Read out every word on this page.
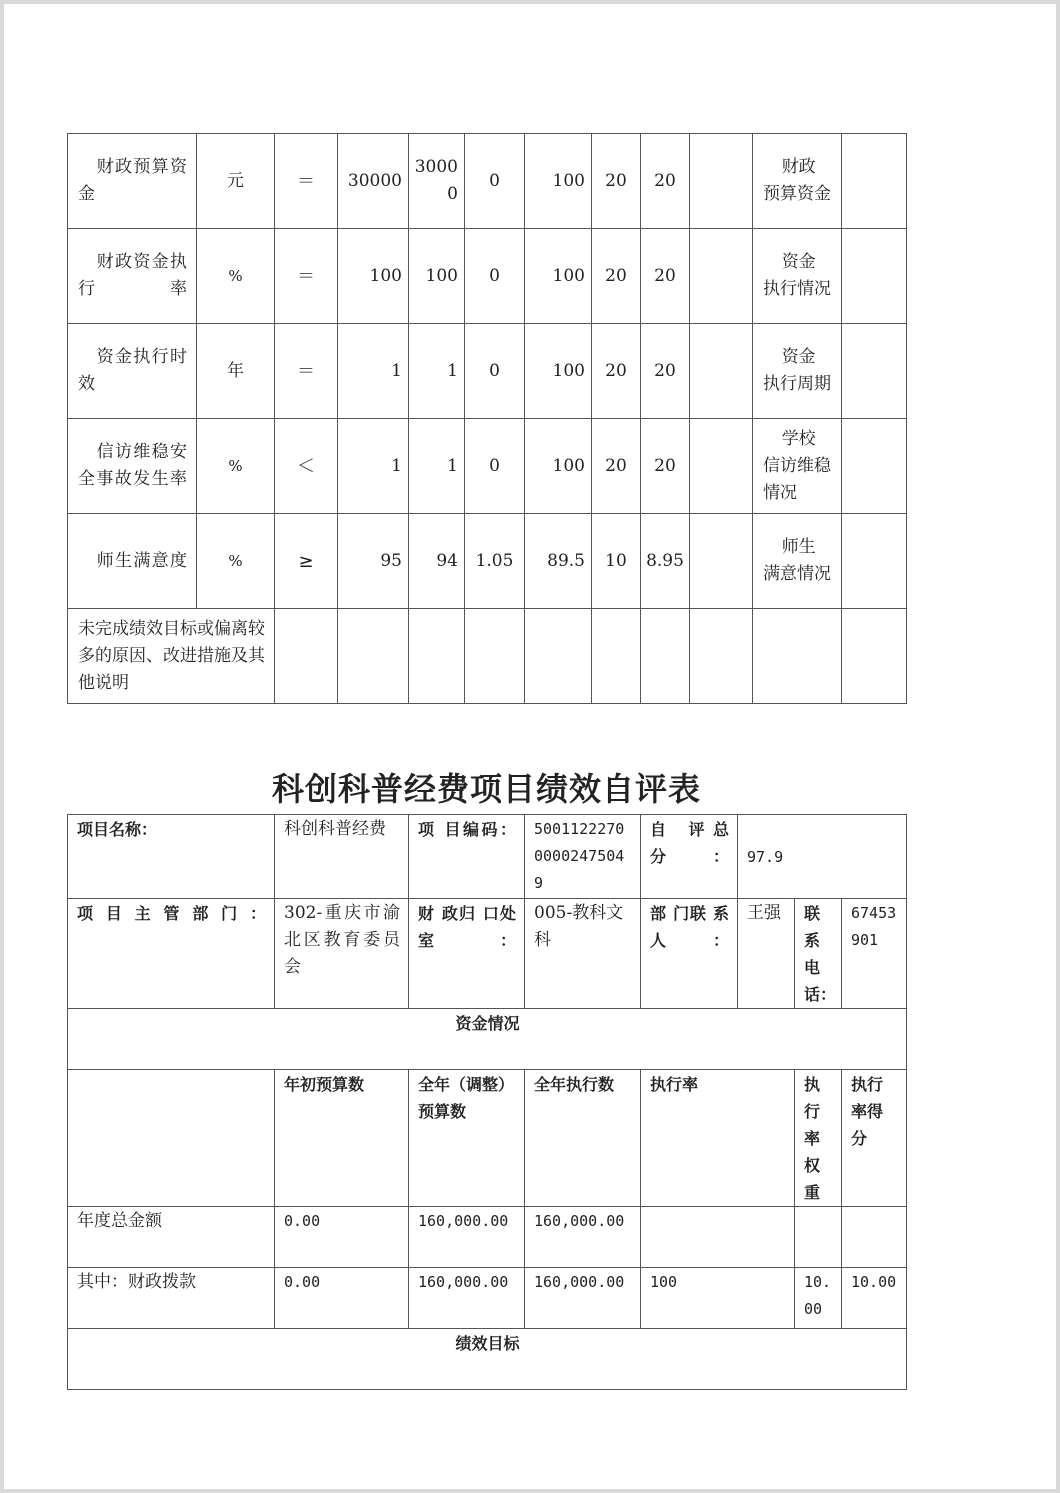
财政预算资金	元	＝	30000	30000	0	100	20	20		财政预算资金	
财政资金执行率	%	＝	100	100	0	100	20	20		资金执行情况	
资金执行时效	年	＝	1	1	0	100	20	20		资金执行周期	
信访维稳安全事故发生率	%	＜	1	1	0	100	20	20		学校信访维稳情况	
师生满意度	%	≥	95	94	1.05	89.5	10	8.95		师生满意情况	
未完成绩效目标或偏离较多的原因、改进措施及其他说明											
科创科普经费项目绩效自评表
项目名称：	科创科普经费	项 目编码：	500112227000002475049	自 评总分：	97.9		
项目主管部门：	302-重庆市渝北区教育委员会	财 政归 口处室：	005-教科文科	部 门联 系人：	王强	联 系电 话：	67453901
资金情况							
	年初预算数	全年（调整）预算数	全年执行数	执行率		执行率权重	执行率得分
年度总金额	0.00	160,000.00	160,000.00				
其中：财政拨款	0.00	160,000.00	160,000.00	100		10.00	10.00
绩效目标							
